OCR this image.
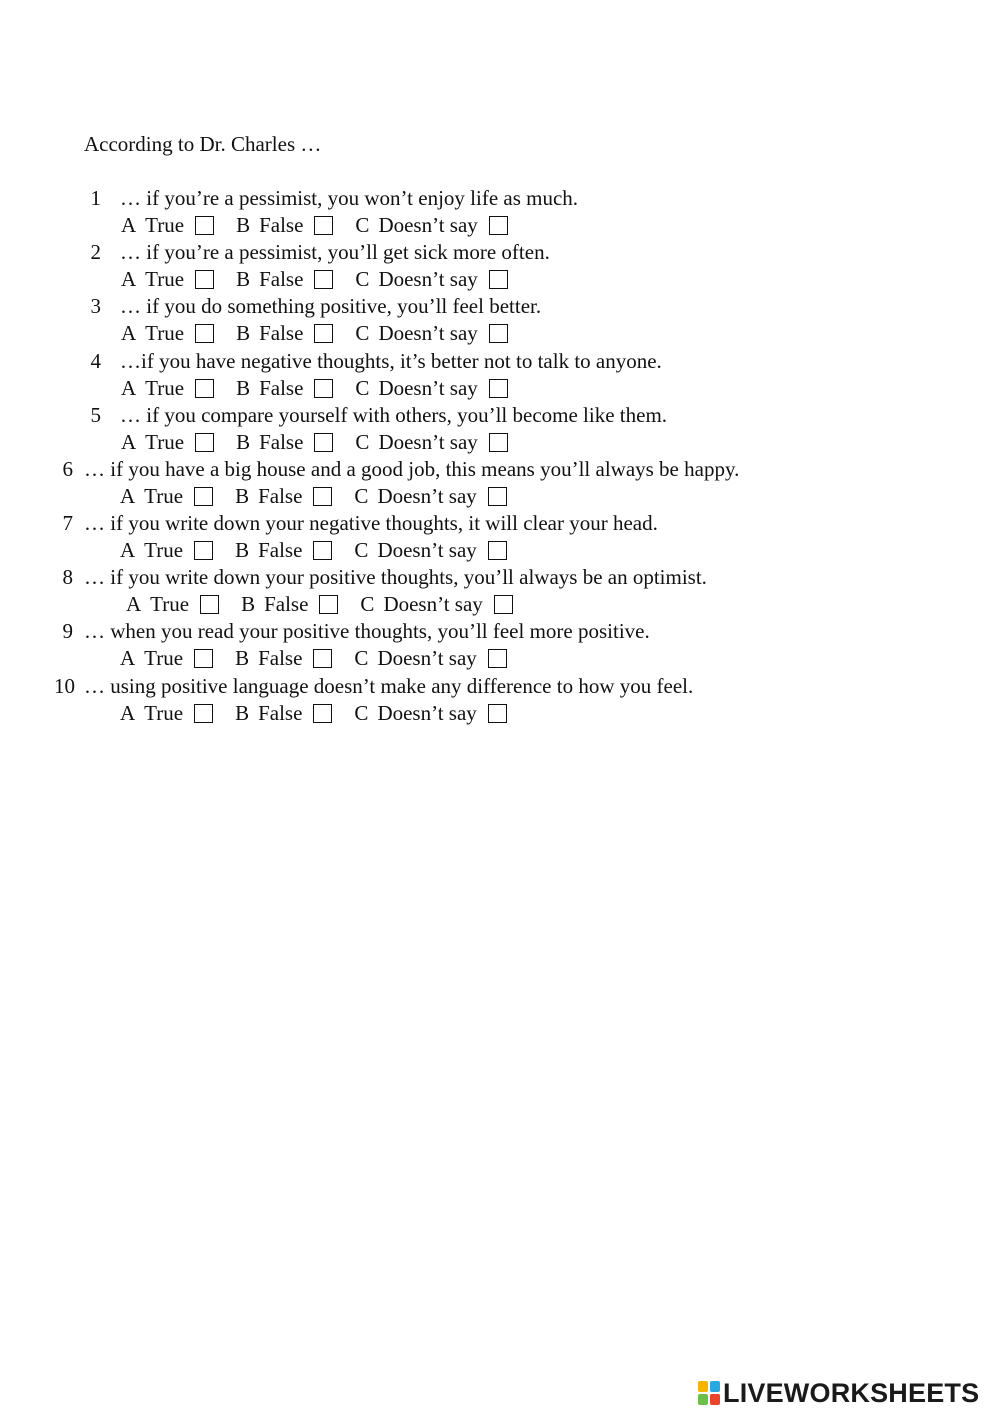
According to Dr. Charles …
1 … if you’re a pessimist, you won’t enjoy life as much.
A True B False C Doesn’t say
2 … if you’re a pessimist, you’ll get sick more often.
A True B False C Doesn’t say
3 … if you do something positive, you’ll feel better.
A True B False C Doesn’t say
4 …if you have negative thoughts, it’s better not to talk to anyone.
A True B False C Doesn’t say
5 … if you compare yourself with others, you’ll become like them.
A True B False C Doesn’t say
6 … if you have a big house and a good job, this means you’ll always be happy.
A True B False C Doesn’t say
7 … if you write down your negative thoughts, it will clear your head.
A True B False C Doesn’t say
8 … if you write down your positive thoughts, you’ll always be an optimist.
A True B False C Doesn’t say
9 … when you read your positive thoughts, you’ll feel more positive.
A True B False C Doesn’t say
10 … using positive language doesn’t make any difference to how you feel.
A True B False C Doesn’t say
LIVEWORKSHEETS
